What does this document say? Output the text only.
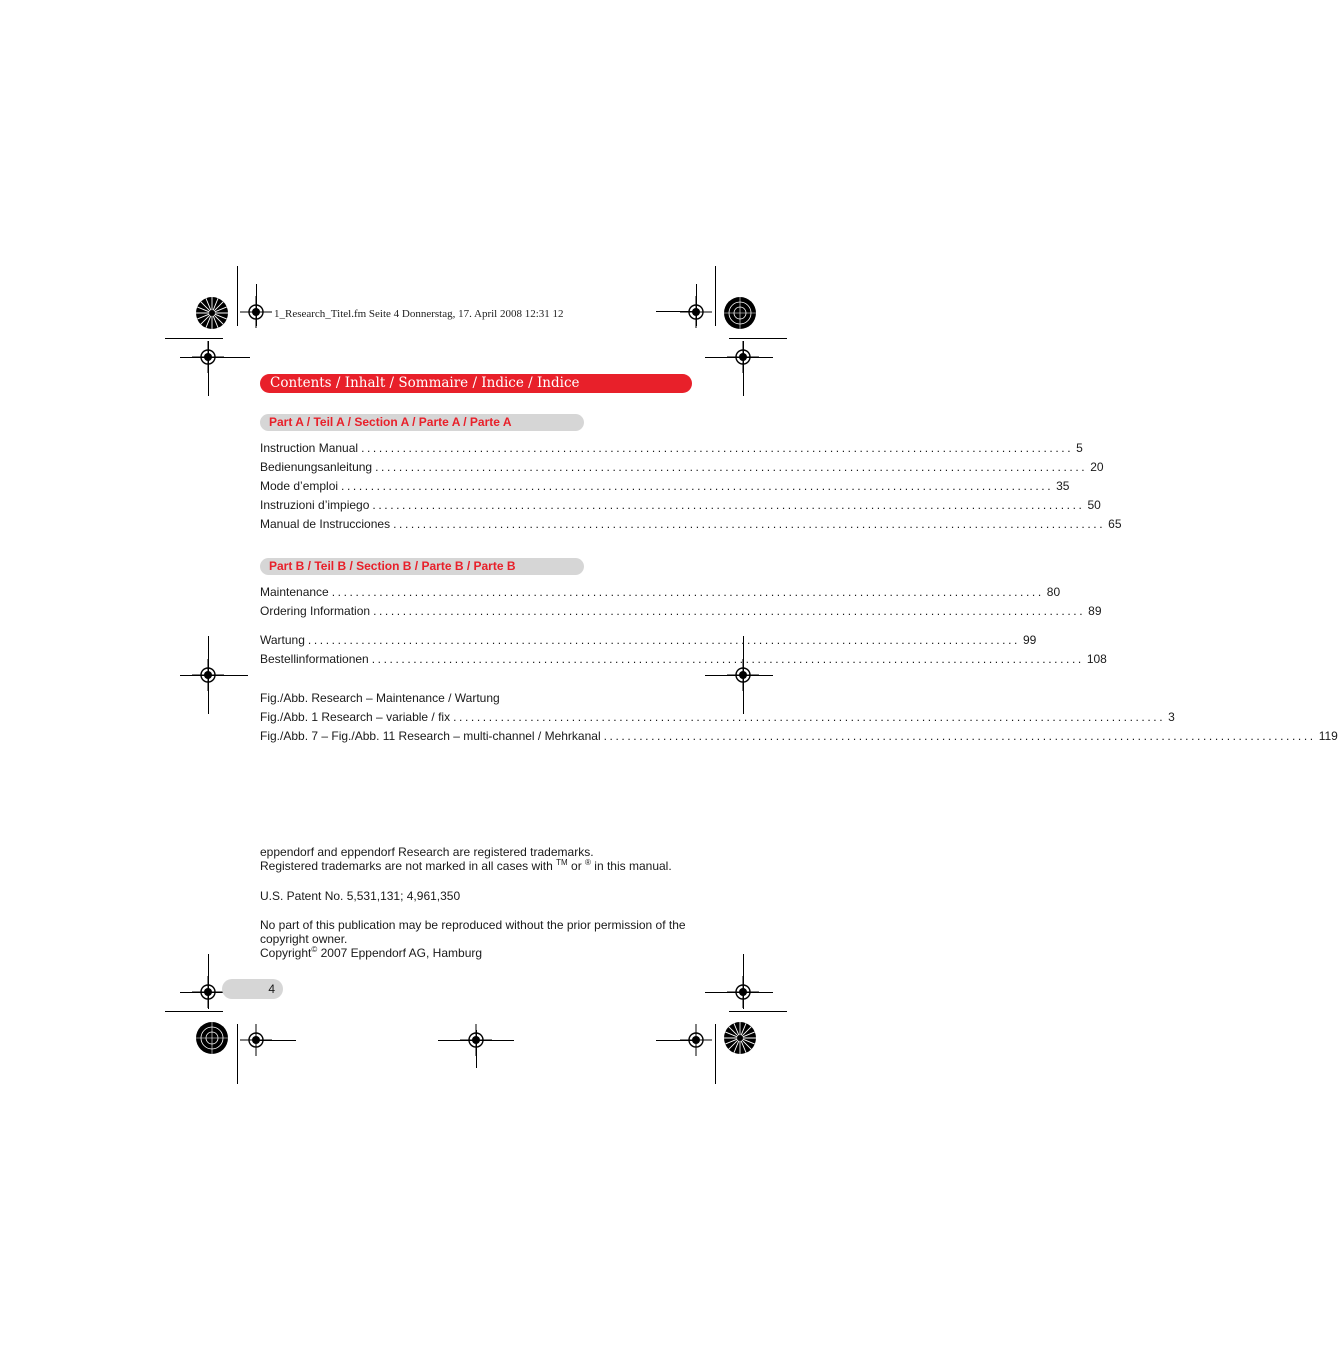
1_Research_Titel.fm Seite 4 Donnerstag, 17. April 2008 12:31 12
Contents / Inhalt / Sommaire / Indice / Indice
Part A / Teil A / Section A / Parte A / Parte A
Instruction Manual ........................................................................................................................ 5
Bedienungsanleitung ........................................................................................................................ 20
Mode d’emploi ........................................................................................................................ 35
Instruzioni d’impiego ........................................................................................................................ 50
Manual de Instrucciones ........................................................................................................................ 65
Part B / Teil B / Section B / Parte B / Parte B
Maintenance ........................................................................................................................ 80
Ordering Information ........................................................................................................................ 89
Wartung ........................................................................................................................ 99
Bestellinformationen ........................................................................................................................ 108
Fig./Abb. Research – Maintenance / Wartung
Fig./Abb. 1 Research – variable / fix ........................................................................................................................ 3
Fig./Abb. 7 – Fig./Abb. 11 Research – multi-channel / Mehrkanal ........................................................................................................................ 119
eppendorf and eppendorf Research are registered trademarks.
Registered trademarks are not marked in all cases with ™ or ® in this manual.
U.S. Patent No. 5,531,131; 4,961,350
No part of this publication may be reproduced without the prior permission of the
copyright owner.
Copyright© 2007 Eppendorf AG, Hamburg
4
